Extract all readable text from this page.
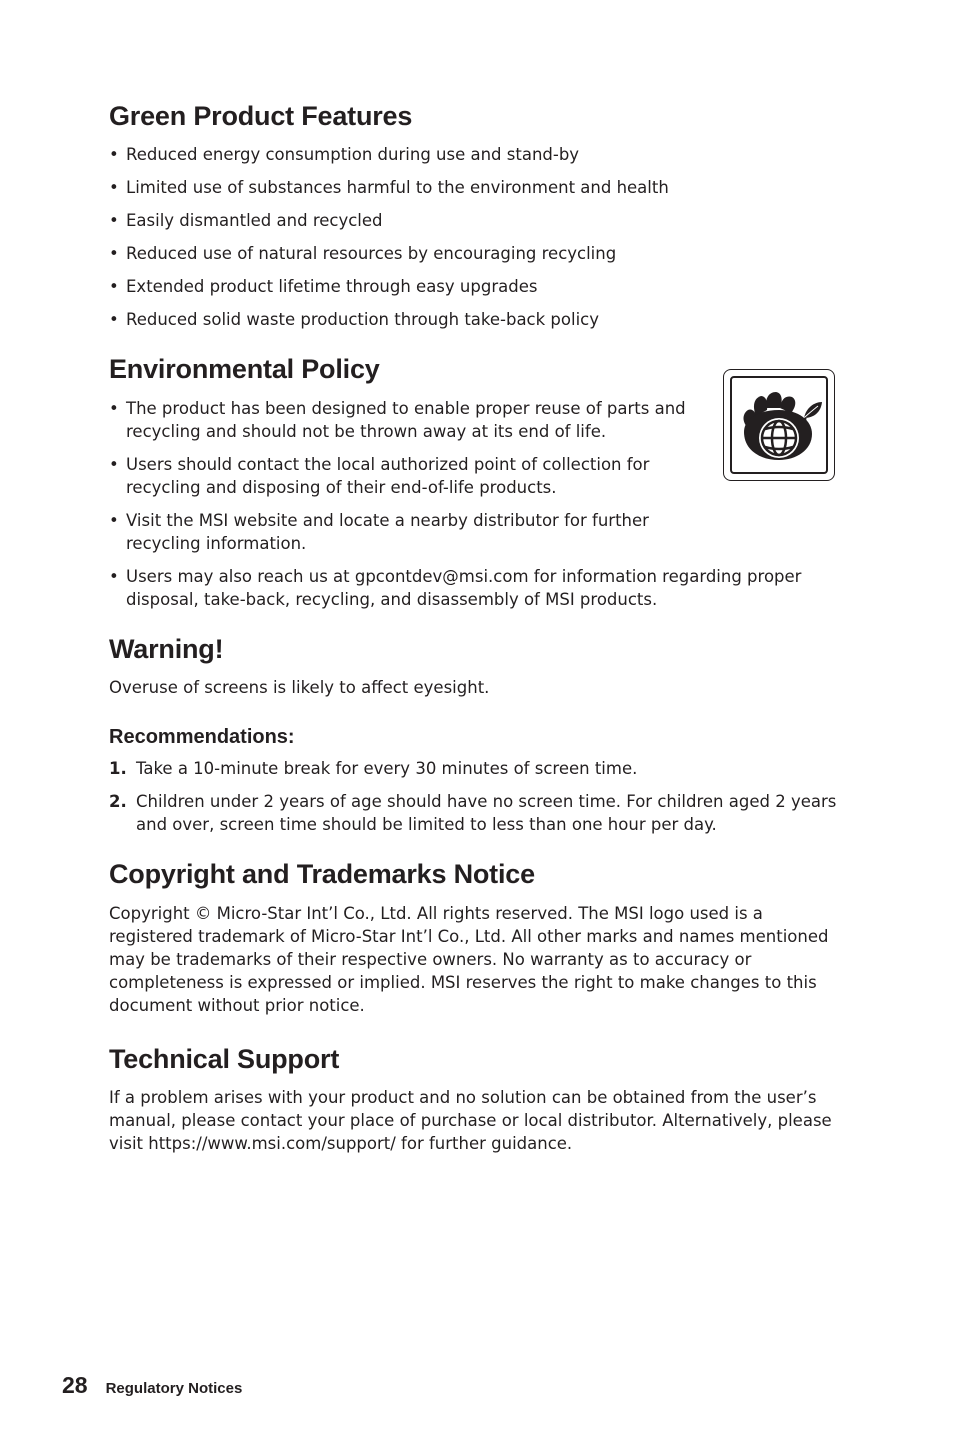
Green Product Features
• Reduced energy consumption during use and stand-by
• Limited use of substances harmful to the environment and health
• Easily dismantled and recycled
• Reduced use of natural resources by encouraging recycling
• Extended product lifetime through easy upgrades
• Reduced solid waste production through take-back policy
Environmental Policy
• The product has been designed to enable proper reuse of parts and recycling and should not be thrown away at its end of life.
• Users should contact the local authorized point of collection for recycling and disposing of their end-of-life products.
• Visit the MSI website and locate a nearby distributor for further recycling information.
• Users may also reach us at gpcontdev@msi.com for information regarding proper disposal, take-back, recycling, and disassembly of MSI products.
Warning!

Overuse of screens is likely to affect eyesight.

Recommendations:
1. Take a 10-minute break for every 30 minutes of screen time.
2. Children under 2 years of age should have no screen time. For children aged 2 years and over, screen time should be limited to less than one hour per day.
Copyright and Trademarks Notice

Copyright © Micro-Star Int’l Co., Ltd. All rights reserved. The MSI logo used is a registered trademark of Micro-Star Int’l Co., Ltd. All other marks and names mentioned may be trademarks of their respective owners. No warranty as to accuracy or completeness is expressed or implied. MSI reserves the right to make changes to this document without prior notice.

Technical Support

If a problem arises with your product and no solution can be obtained from the user’s manual, please contact your place of purchase or local distributor. Alternatively, please visit https://www.msi.com/support/ for further guidance.

28 Regulatory Notices
